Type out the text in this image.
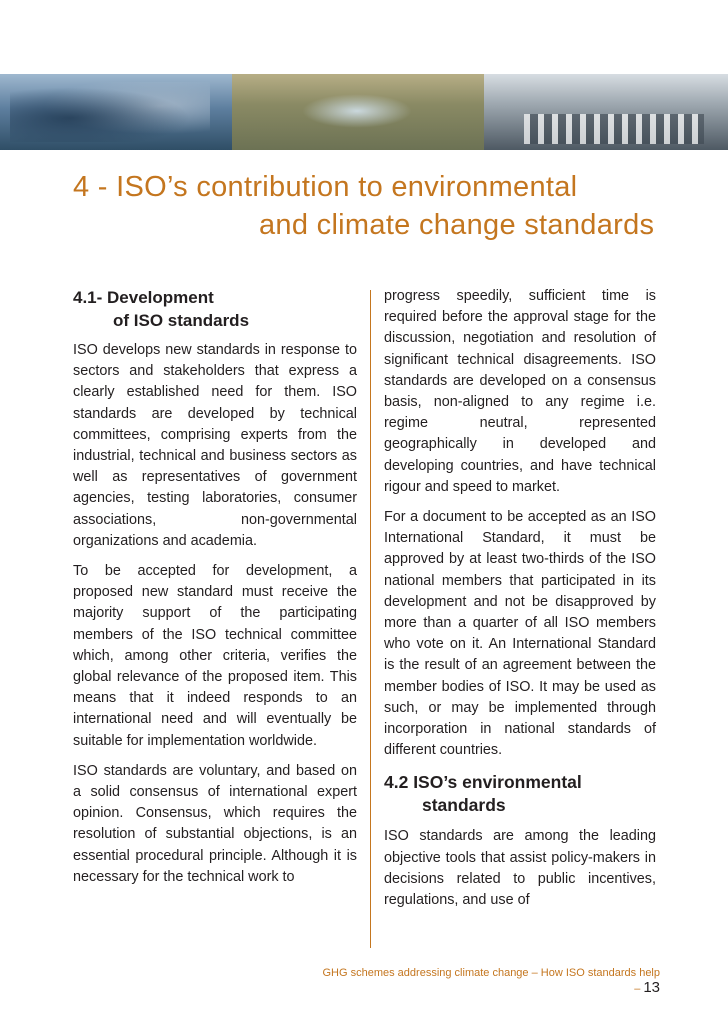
4 - ISO’s contribution to environmental
and climate change standards
4.1- Development
of ISO standards

ISO develops new standards in response to sectors and stakeholders that express a clearly established need for them. ISO standards are developed by technical committees, comprising experts from the industrial, technical and business sectors as well as representatives of government agencies, testing laboratories, consumer associations, non-governmental organizations and academia.

To be accepted for development, a proposed new standard must receive the majority support of the participating members of the ISO technical committee which, among other criteria, verifies the global relevance of the proposed item. This means that it indeed responds to an international need and will eventually be suitable for implementation worldwide.

ISO standards are voluntary, and based on a solid consensus of international expert opinion. Consensus, which requires the resolution of substantial objections, is an essential procedural principle. Although it is necessary for the technical work to

progress speedily, sufficient time is required before the approval stage for the discussion, negotiation and resolution of significant technical disagreements. ISO standards are developed on a consensus basis, non-aligned to any regime i.e. regime neutral, represented geographically in developed and developing countries, and have technical rigour and speed to market.

For a document to be accepted as an ISO International Standard, it must be approved by at least two-thirds of the ISO national members that participated in its development and not be disapproved by more than a quarter of all ISO members who vote on it. An International Standard is the result of an agreement between the member bodies of ISO. It may be used as such, or may be implemented through incorporation in national standards of different countries.

4.2 ISO’s environmental
standards

ISO standards are among the leading objective tools that assist policy-makers in decisions related to public incentives, regulations, and use of

GHG schemes addressing climate change – How ISO standards help – 13
